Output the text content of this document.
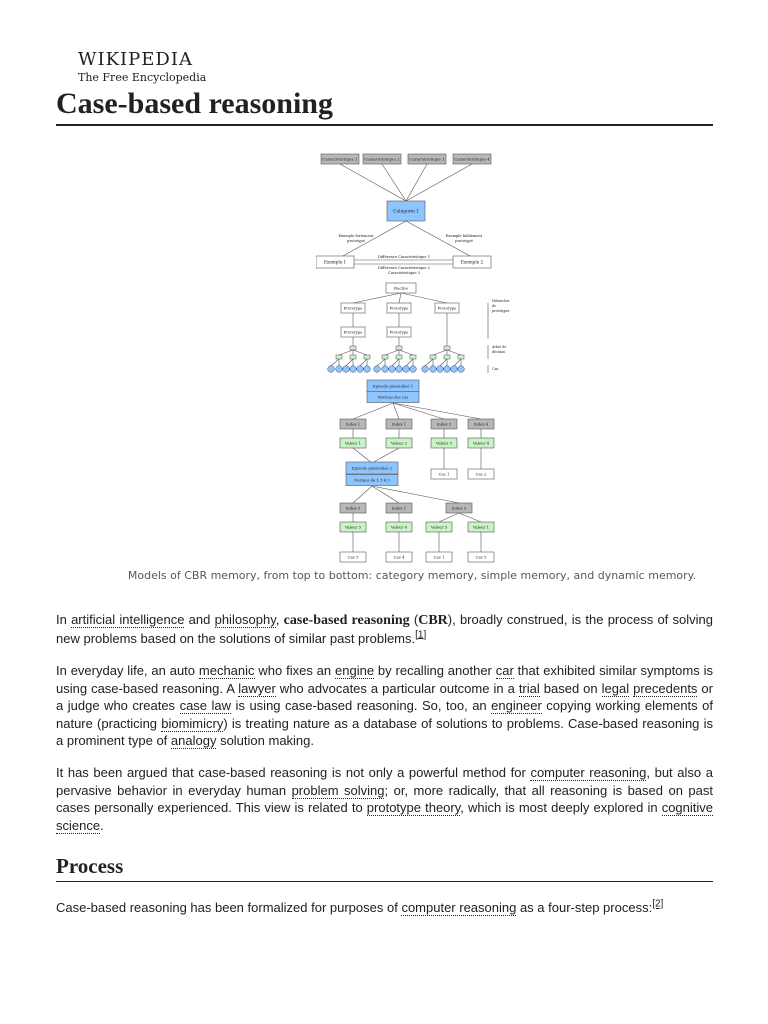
WIKIPEDIA
The Free Encyclopedia
Case-based reasoning
Caractéristique 1 Caractéristique 2 Caractéristique 1 Caractéristique 4
Catégorie 1
Exemple fortement
prototypé
Exemple faiblement
prototypé
Exemple 1	Exemple 2
Différence Caractéristique 1
Différence Caractéristique 2
Caractéristique 3
Racine
Prototype	Prototype	Prototype
Prototype	Prototype
Hiérarchie
de
prototypes
Arbre de
décision
Cas
Episode généralisé 1
Normes des cas
Index 1	Index 1	Index 3	Index 4
Valeur 1	Valeur 2	Valeur 3	Valeur 4
Cas 1	Cas 2
Episode généralisé 2
Normes de 1 3 4 5
Index 5	Index 1	Index 3
Valeur 5	Valeur 6	Valeur 3	Valeur 1
Cas 3	Cas 4	Cas 1	Cas 5
Models of CBR memory, from top to bottom: category memory, simple memory, and dynamic memory.

In artificial intelligence and philosophy, case-based reasoning (CBR), broadly construed, is the process of solving new problems based on the solutions of similar past problems.[1]

In everyday life, an auto mechanic who fixes an engine by recalling another car that exhibited similar symptoms is using case-based reasoning. A lawyer who advocates a particular outcome in a trial based on legal precedents or a judge who creates case law is using case-based reasoning. So, too, an engineer copying working elements of nature (practicing biomimicry) is treating nature as a database of solutions to problems. Case-based reasoning is a prominent type of analogy solution making.

It has been argued that case-based reasoning is not only a powerful method for computer reasoning, but also a pervasive behavior in everyday human problem solving; or, more radically, that all reasoning is based on past cases personally experienced. This view is related to prototype theory, which is most deeply explored in cognitive science.

Process

Case-based reasoning has been formalized for purposes of computer reasoning as a four-step process:[2]
